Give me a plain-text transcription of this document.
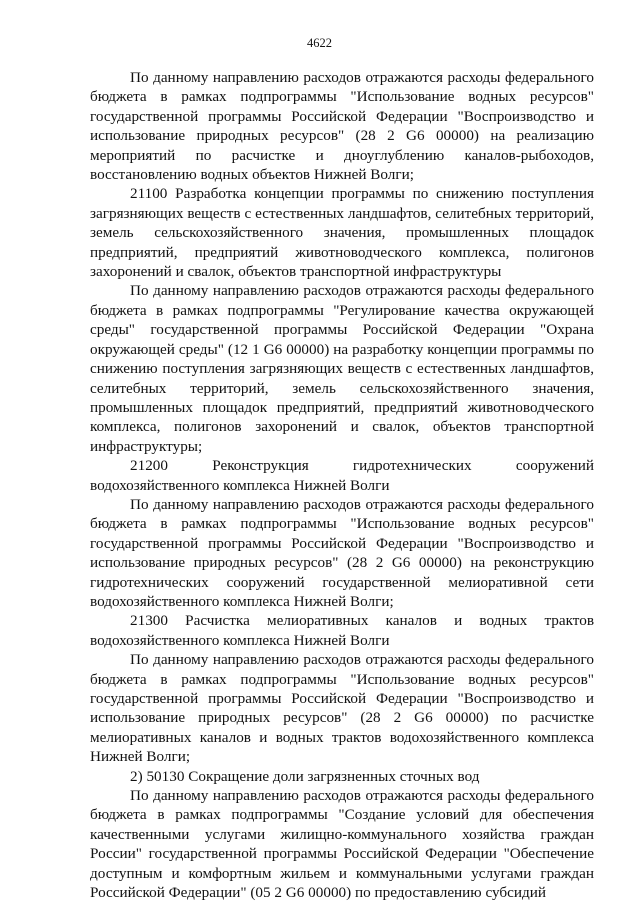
4622

По данному направлению расходов отражаются расходы федерального бюджета в рамках подпрограммы "Использование водных ресурсов" государственной программы Российской Федерации "Воспроизводство и использование природных ресурсов" (28 2 G6 00000) на реализацию мероприятий по расчистке и дноуглублению каналов-рыбоходов, восстановлению водных объектов Нижней Волги;

21100 Разработка концепции программы по снижению поступления загрязняющих веществ с естественных ландшафтов, селитебных территорий, земель сельскохозяйственного значения, промышленных площадок предприятий, предприятий животноводческого комплекса, полигонов захоронений и свалок, объектов транспортной инфраструктуры

По данному направлению расходов отражаются расходы федерального бюджета в рамках подпрограммы "Регулирование качества окружающей среды" государственной программы Российской Федерации "Охрана окружающей среды" (12 1 G6 00000) на разработку концепции программы по снижению поступления загрязняющих веществ с естественных ландшафтов, селитебных территорий, земель сельскохозяйственного значения, промышленных площадок предприятий, предприятий животноводческого комплекса, полигонов захоронений и свалок, объектов транспортной инфраструктуры;

21200 Реконструкция гидротехнических сооружений водохозяйственного комплекса Нижней Волги

По данному направлению расходов отражаются расходы федерального бюджета в рамках подпрограммы "Использование водных ресурсов" государственной программы Российской Федерации "Воспроизводство и использование природных ресурсов" (28 2 G6 00000) на реконструкцию гидротехнических сооружений государственной мелиоративной сети водохозяйственного комплекса Нижней Волги;

21300 Расчистка мелиоративных каналов и водных трактов водохозяйственного комплекса Нижней Волги

По данному направлению расходов отражаются расходы федерального бюджета в рамках подпрограммы "Использование водных ресурсов" государственной программы Российской Федерации "Воспроизводство и использование природных ресурсов" (28 2 G6 00000) по расчистке мелиоративных каналов и водных трактов водохозяйственного комплекса Нижней Волги;

2) 50130 Сокращение доли загрязненных сточных вод

По данному направлению расходов отражаются расходы федерального бюджета в рамках подпрограммы "Создание условий для обеспечения качественными услугами жилищно-коммунального хозяйства граждан России" государственной программы Российской Федерации "Обеспечение доступным и комфортным жильем и коммунальными услугами граждан Российской Федерации" (05 2 G6 00000) по предоставлению субсидий
